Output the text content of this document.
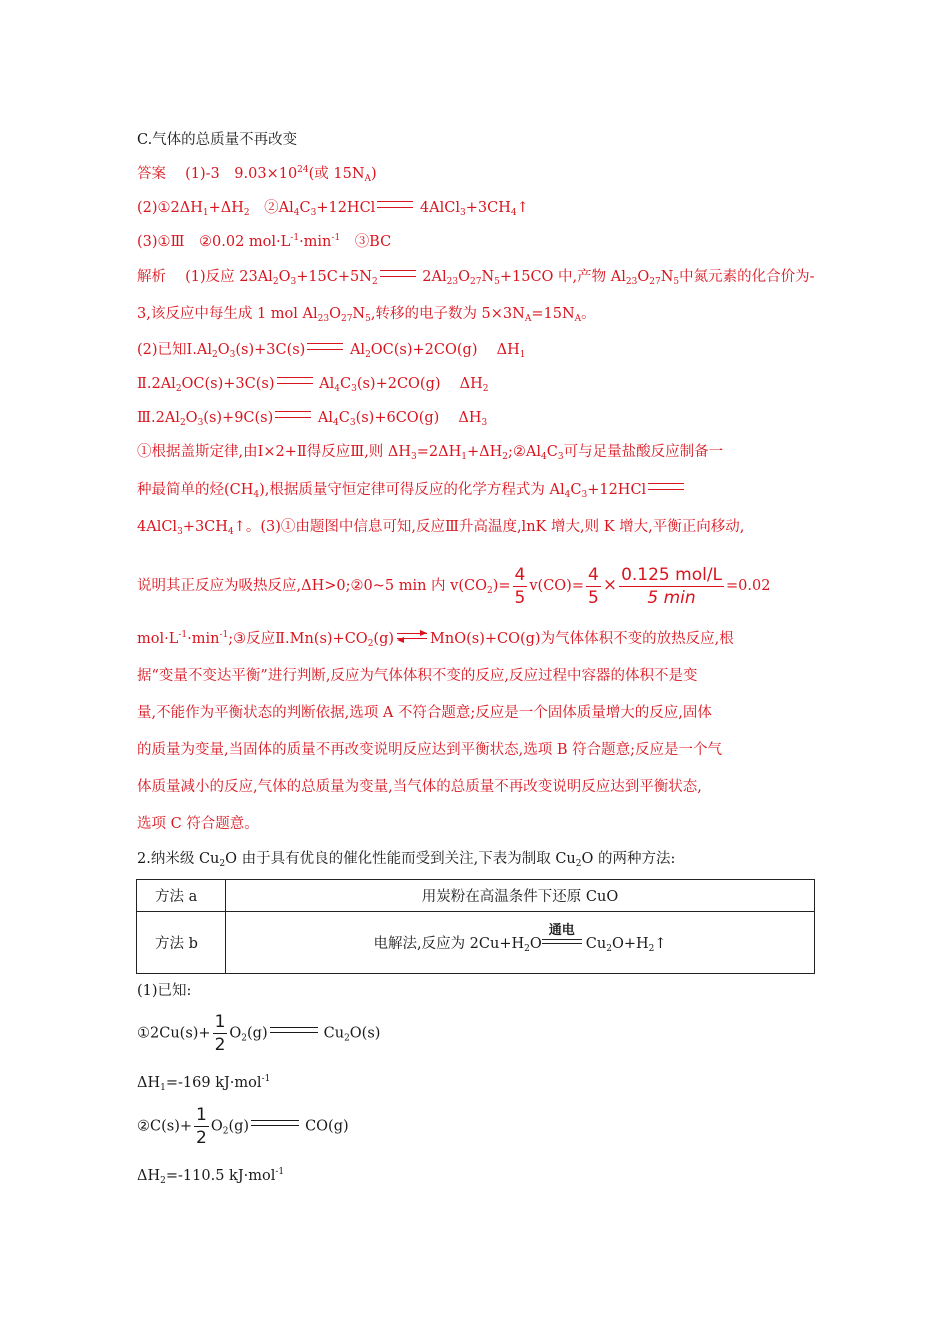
C.气体的总质量不再改变
答案　 (1)-3　 $9.03\times 10^{24}$(或 $15N_A$)
$(2)①2\Delta H_1+\Delta H_2$　 $②Al_4C_3+12HCl$	$4AlCl_3+3CH_4↑$
(3)①Ⅲ　②0.02 $mol\cdot L^{-1}\cdot\min^{-1}$　 ③BC
解析　 (1)反应 $23Al_2O_3+15C+5N_2$	$2Al_{23}O_{27}N_5+15CO$ 中,产物 $Al_{23}O_{27}N_5$中氮元素的化合价为-
3,该反应中每生成 1 mol $Al_{23}O_{27}N_5$,转移的电子数为 $5\times 3N_A=15N_A$。
(2)已知$Ⅰ.Al_2O_3(s)+3C(s)$	$Al_2OC(s)+2CO(g)$　 $\Delta H_1$
$Ⅱ.2Al_2OC(s)+3C(s)$	$Al_4C_3(s)+2CO(g)$　 $\Delta H_2$
$Ⅲ.2Al_2O_3(s)+9C(s)$	$Al_4C_3(s)+6CO(g)$　 $\Delta H_3$
①根据盖斯定律,由Ⅰ×2+Ⅱ得反应Ⅲ,则 $\Delta H_3=2\Delta H_1+\Delta H_2;②Al_4C_3$可与足量盐酸反应制备一
种最简单的烃$(CH_4)$,根据质量守恒定律可得反应的化学方程式为 $Al_4C_3+12HCl$
$4AlCl_3+3CH_4↑$。(3)①由题图中信息可知,反应Ⅲ升高温度,lnK 增大,则 K 增大,平衡正向移动,
说明其正反应为吸热反应,ΔH>0;②0~5 min 内 $v(CO_2)= \frac{4}{5} v(CO)= \frac{4}{5} \times \frac{\text{0.125 mol/L}}{5 \min} =0.02$
$mol\cdot L^{-1}\cdot\min^{-1};③$反应$Ⅱ.Mn(s)+CO_2(g)$ MnO(s)+CO(g)为气体体积不变的放热反应,根
据“变量不变达平衡”进行判断,反应为气体体积不变的反应,反应过程中容器的体积不是变
量,不能作为平衡状态的判断依据,选项 A 不符合题意;反应是一个固体质量增大的反应,固体
的质量为变量,当固体的质量不再改变说明反应达到平衡状态,选项 B 符合题意;反应是一个气
体质量减小的反应,气体的总质量为变量,当气体的总质量不再改变说明反应达到平衡状态,
选项 C 符合题意。
2.纳米级 $Cu_2O$ 由于具有优良的催化性能而受到关注,下表为制取 $Cu_2O$ 的两种方法:
方法 a	用炭粉在高温条件下还原 CuO
方法 b	电解法,反应为 $2Cu+H_2O$
通电
$Cu_2O+H_2↑$
(1)已知:
①2Cu(s)+ $\frac{1}{2} O_2(g)$	$Cu_2O(s)$
$\Delta H_1=-169$ kJ·mol$^{-1}$
②C(s)+ $\frac{1}{2} O_2(g)$	CO(g)
$\Delta H_2=-110.5$ kJ·mol$^{-1}$
